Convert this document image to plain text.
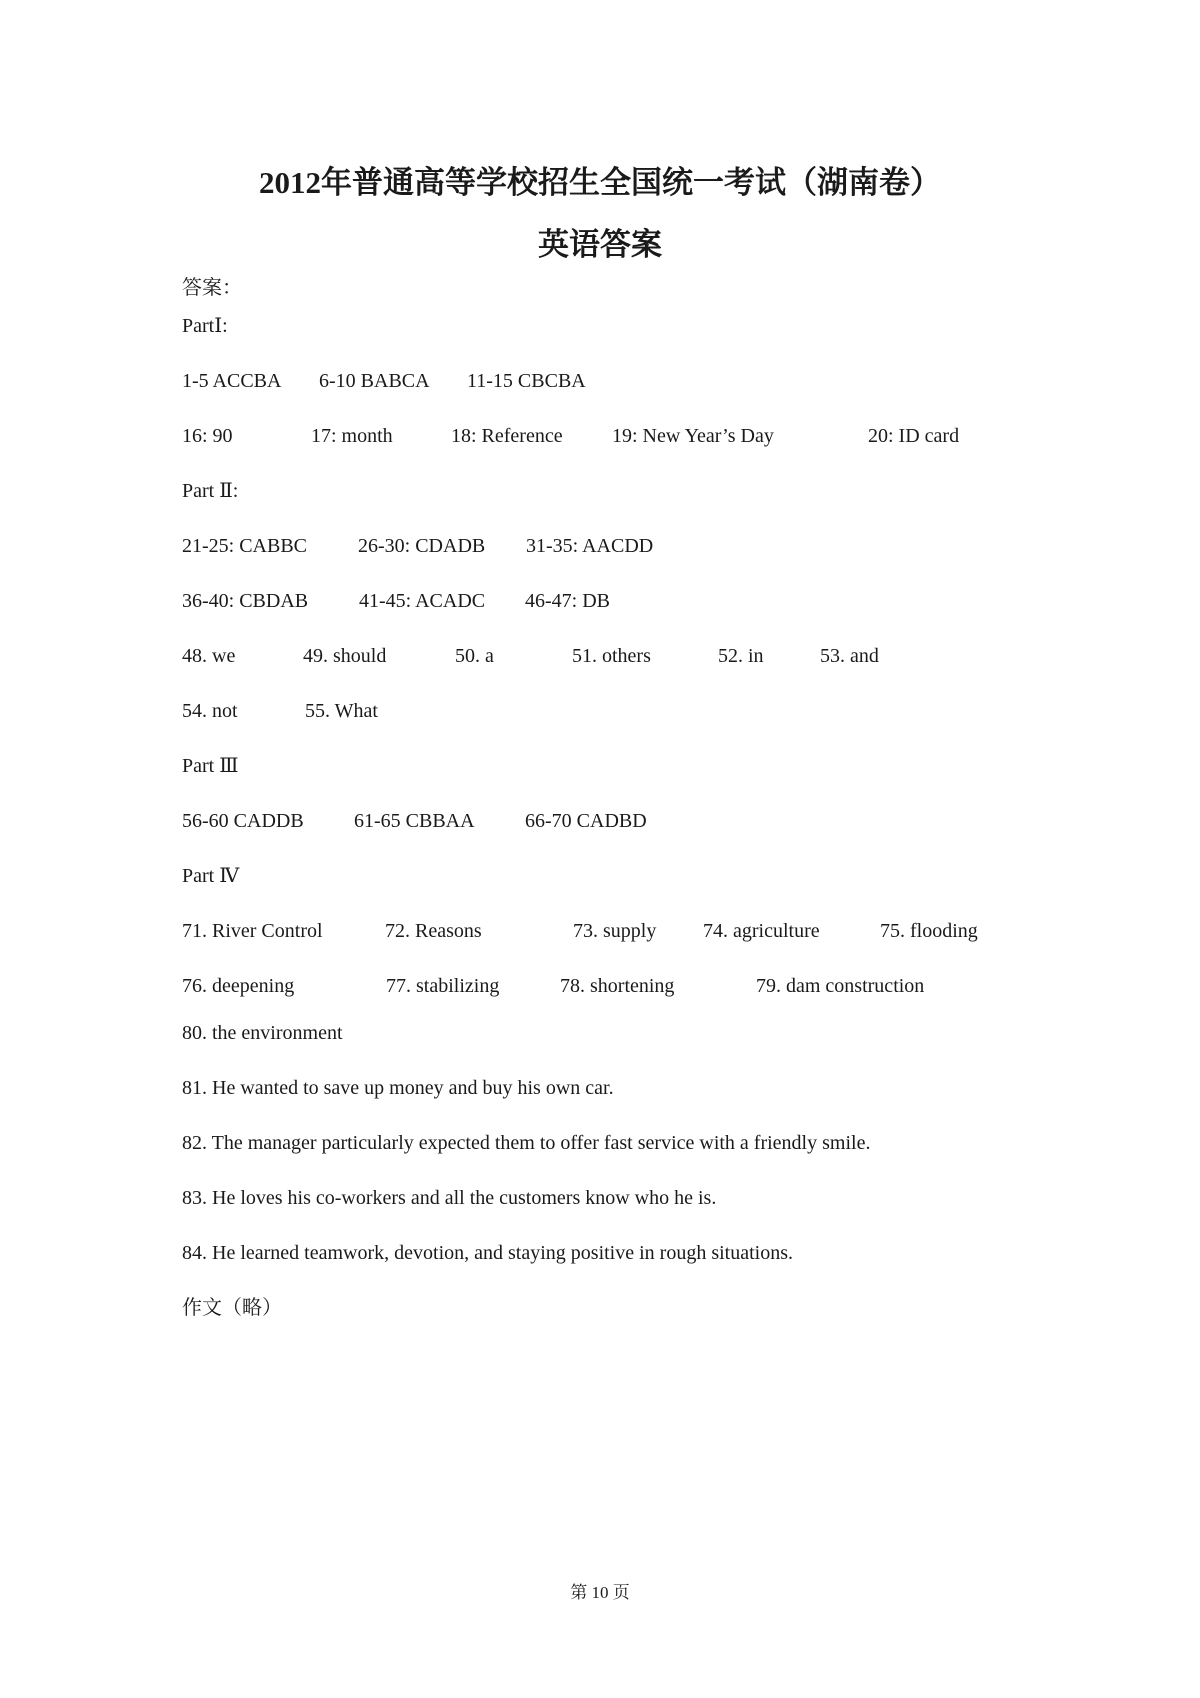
2012年普通高等学校招生全国统一考试（湖南卷）
英语答案
答案：
PartⅠ:
1-5 ACCBA 6-10 BABCA 11-15 CBCBA
16: 90	17: month	18: Reference 19: New Year’s Day	20: ID card
Part Ⅱ:
21-25: CABBC	26-30: CDADB 31-35: AACDD
36-40: CBDAB	41-45: ACADC 46-47: DB
48. we	49. should	50. a	51. others	52. in	53. and
54. not	55. What
Part Ⅲ
56-60 CADDB	61-65 CBBAA	66-70 CADBD
Part Ⅳ
71. River Control	72. Reasons	73. supply 74. agriculture	75. flooding
76. deepening	77. stabilizing	78. shortening	79. dam construction
80. the environment
81. He wanted to save up money and buy his own car.
82. The manager particularly expected them to offer fast service with a friendly smile.
83. He loves his co-workers and all the customers know who he is.
84. He learned teamwork, devotion, and staying positive in rough situations.
作文（略）
第 10 页
